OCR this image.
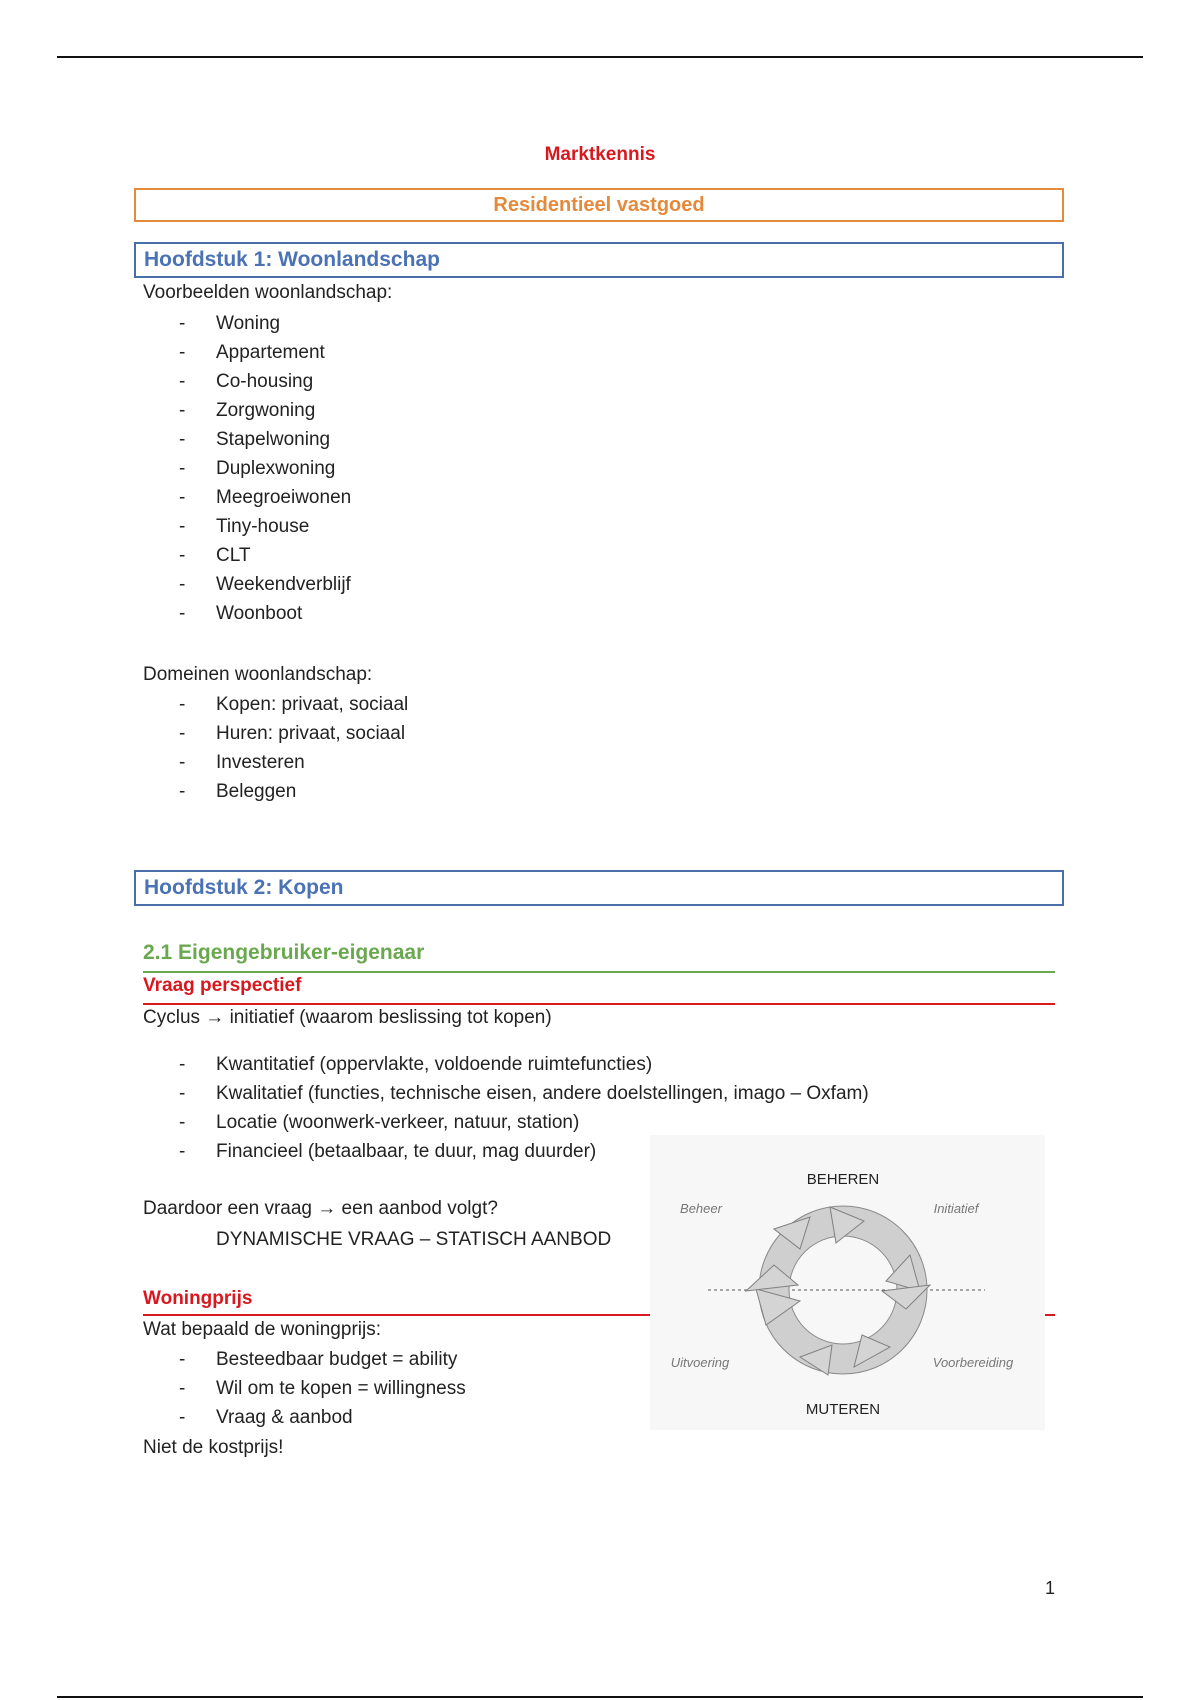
Marktkennis
Residentieel vastgoed
Hoofdstuk 1: Woonlandschap
Voorbeelden woonlandschap:
- Woning
- Appartement
- Co-housing
- Zorgwoning
- Stapelwoning
- Duplexwoning
- Meegroeiwonen
- Tiny-house
- CLT
- Weekendverblijf
- Woonboot
Domeinen woonlandschap:
- Kopen: privaat, sociaal
- Huren: privaat, sociaal
- Investeren
- Beleggen
Hoofdstuk 2: Kopen
2.1 Eigengebruiker-eigenaar
Vraag perspectief
Cyclus → initiatief (waarom beslissing tot kopen)
- Kwantitatief (oppervlakte, voldoende ruimtefuncties)
- Kwalitatief (functies, technische eisen, andere doelstellingen, imago – Oxfam)
- Locatie (woonwerk-verkeer, natuur, station)
- Financieel (betaalbaar, te duur, mag duurder)
Daardoor een vraag → een aanbod volgt?
DYNAMISCHE VRAAG – STATISCH AANBOD
Woningprijs
Wat bepaald de woningprijs:
- Besteedbaar budget = ability
- Wil om te kopen = willingness
- Vraag & aanbod
Niet de kostprijs!
BEHEREN
MUTEREN
Beheer	Initiatief
Uitvoering	Voorbereiding
1
